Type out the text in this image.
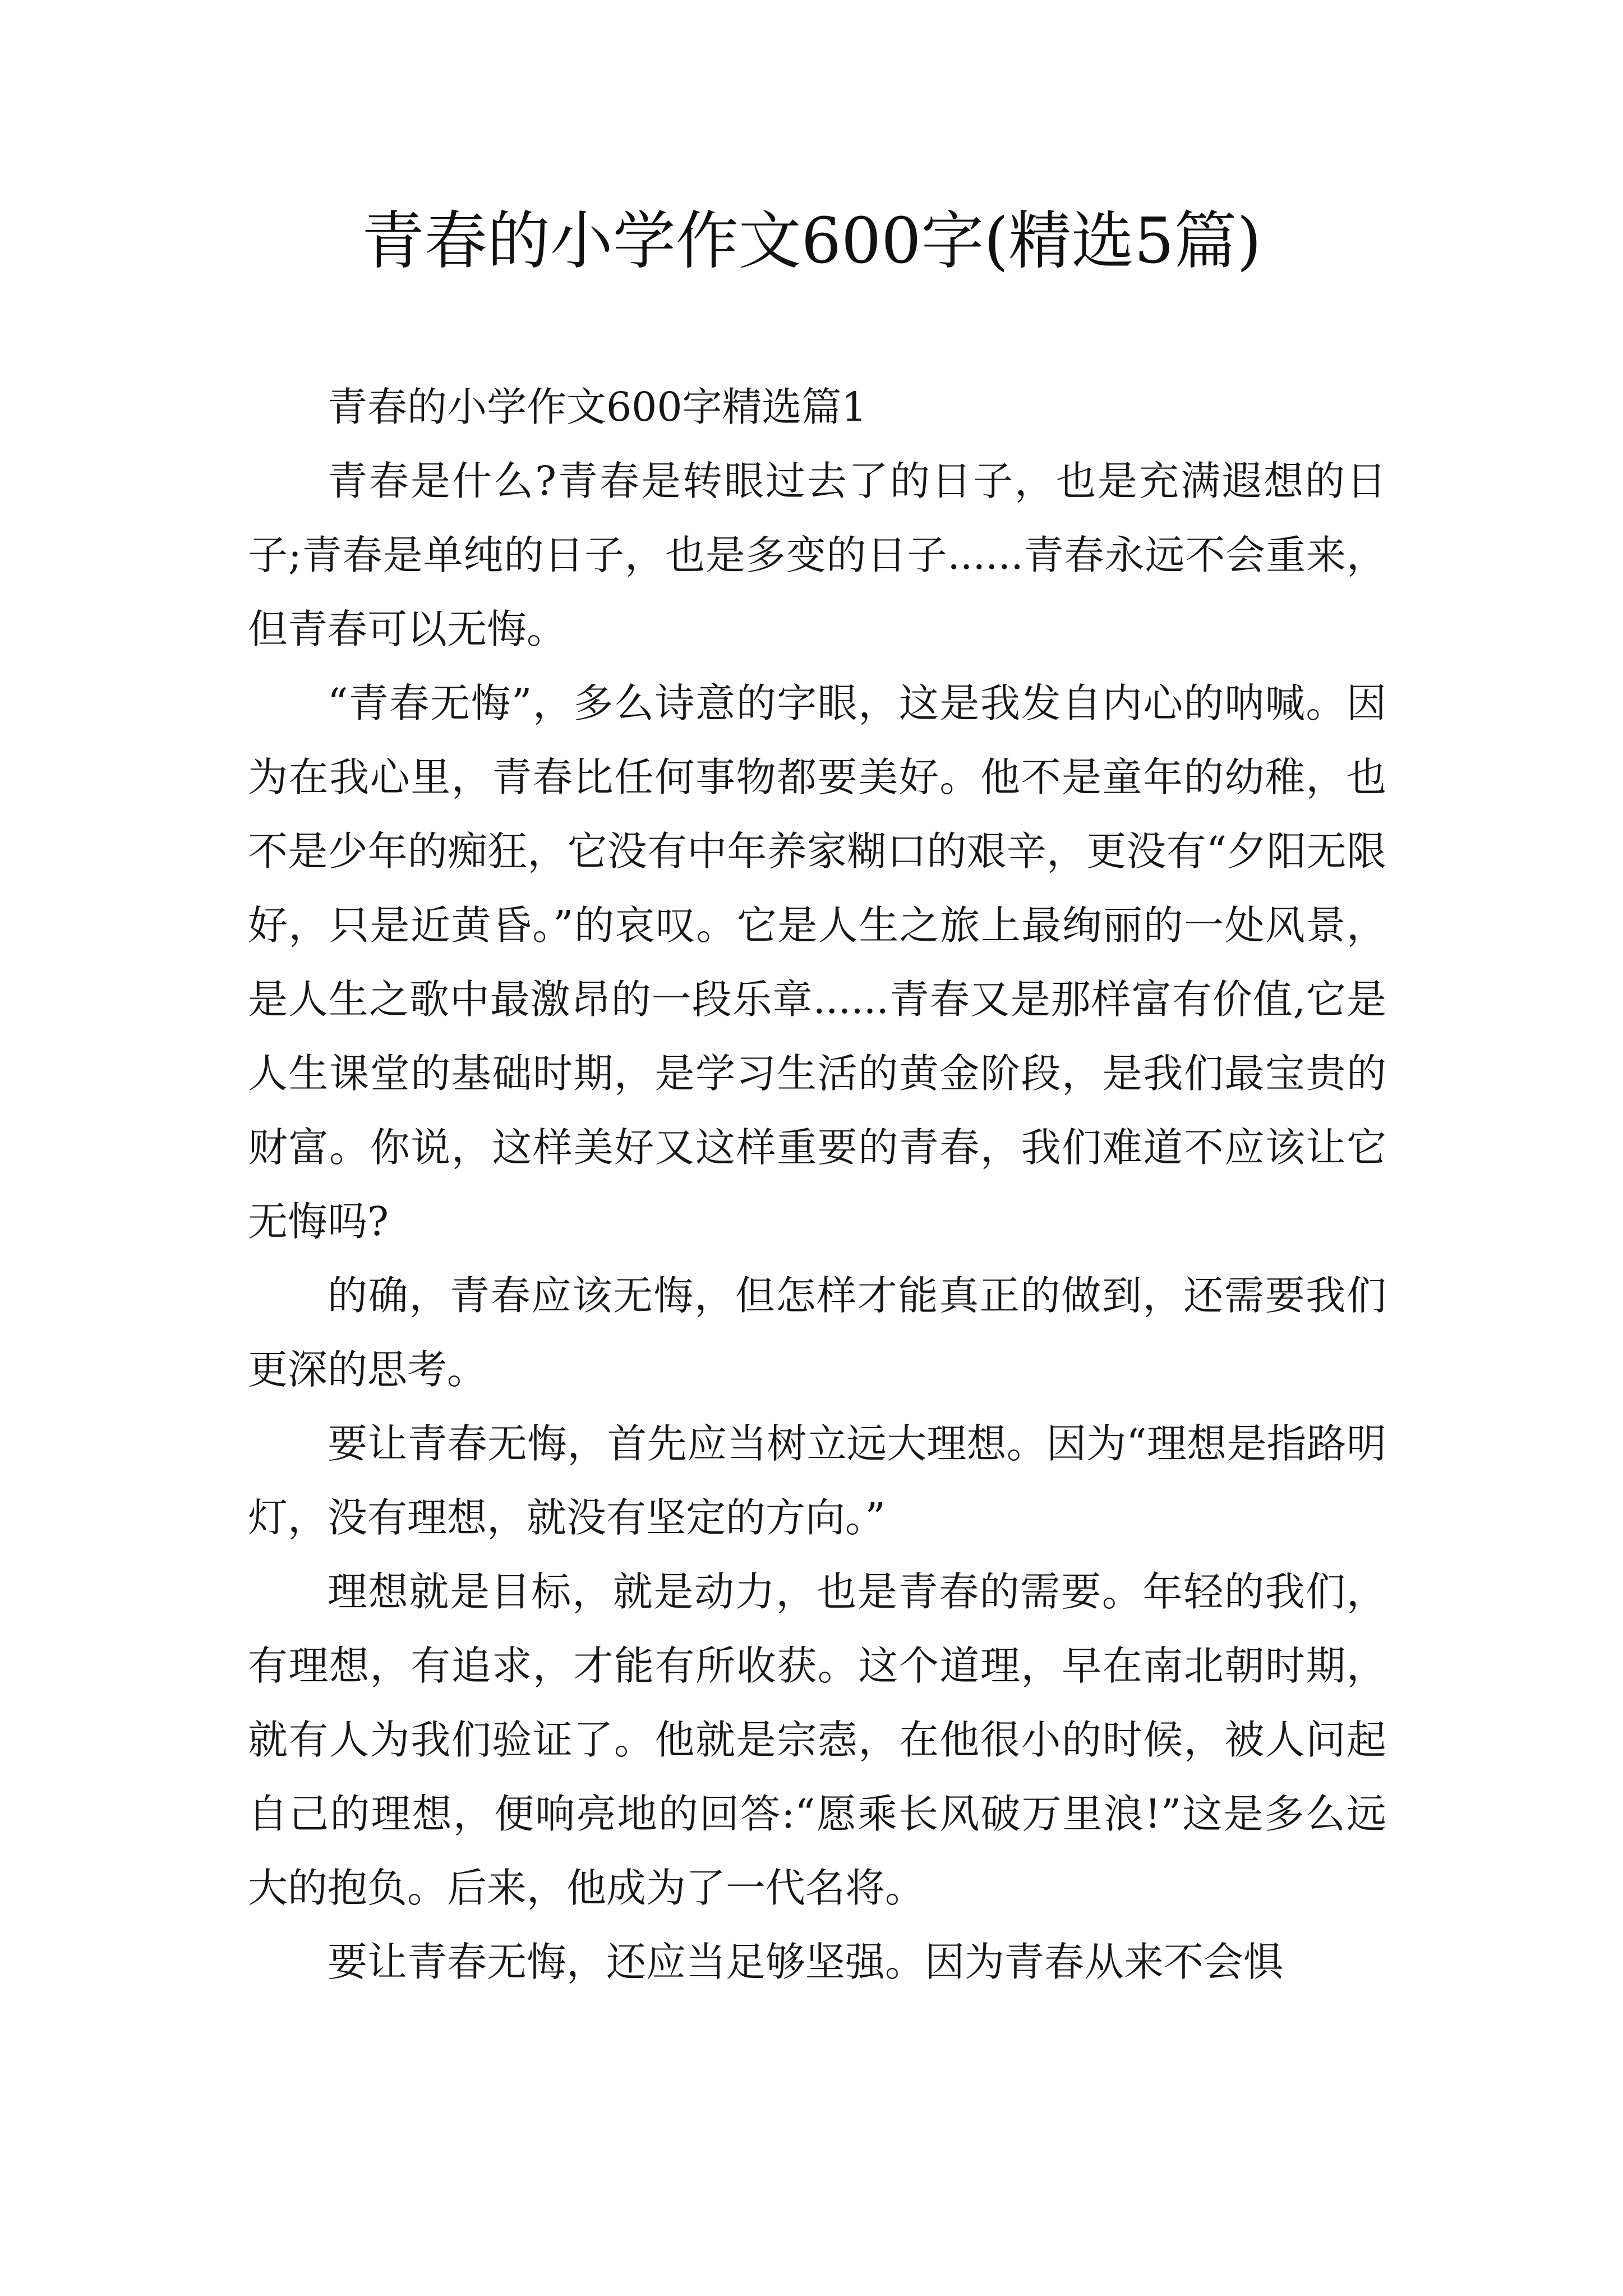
青春的小学作文600字(精选5篇)

青春的小学作文600字精选篇1

青春是什么?青春是转眼过去了的日子，也是充满遐想的日子;青春是单纯的日子，也是多变的日子......青春永远不会重来，但青春可以无悔。

“青春无悔”，多么诗意的字眼，这是我发自内心的呐喊。因为在我心里，青春比任何事物都要美好。他不是童年的幼稚，也不是少年的痴狂，它没有中年养家糊口的艰辛，更没有“夕阳无限好，只是近黄昏。”的哀叹。它是人生之旅上最绚丽的一处风景，是人生之歌中最激昂的一段乐章......青春又是那样富有价值,它是人生课堂的基础时期，是学习生活的黄金阶段，是我们最宝贵的财富。你说，这样美好又这样重要的青春，我们难道不应该让它无悔吗?

的确，青春应该无悔，但怎样才能真正的做到，还需要我们更深的思考。

要让青春无悔，首先应当树立远大理想。因为“理想是指路明灯，没有理想，就没有坚定的方向。”

理想就是目标，就是动力，也是青春的需要。年轻的我们，有理想，有追求，才能有所收获。这个道理，早在南北朝时期，就有人为我们验证了。他就是宗悫，在他很小的时候，被人问起自己的理想，便响亮地的回答:“愿乘长风破万里浪!”这是多么远大的抱负。后来，他成为了一代名将。

要让青春无悔，还应当足够坚强。因为青春从来不会惧
